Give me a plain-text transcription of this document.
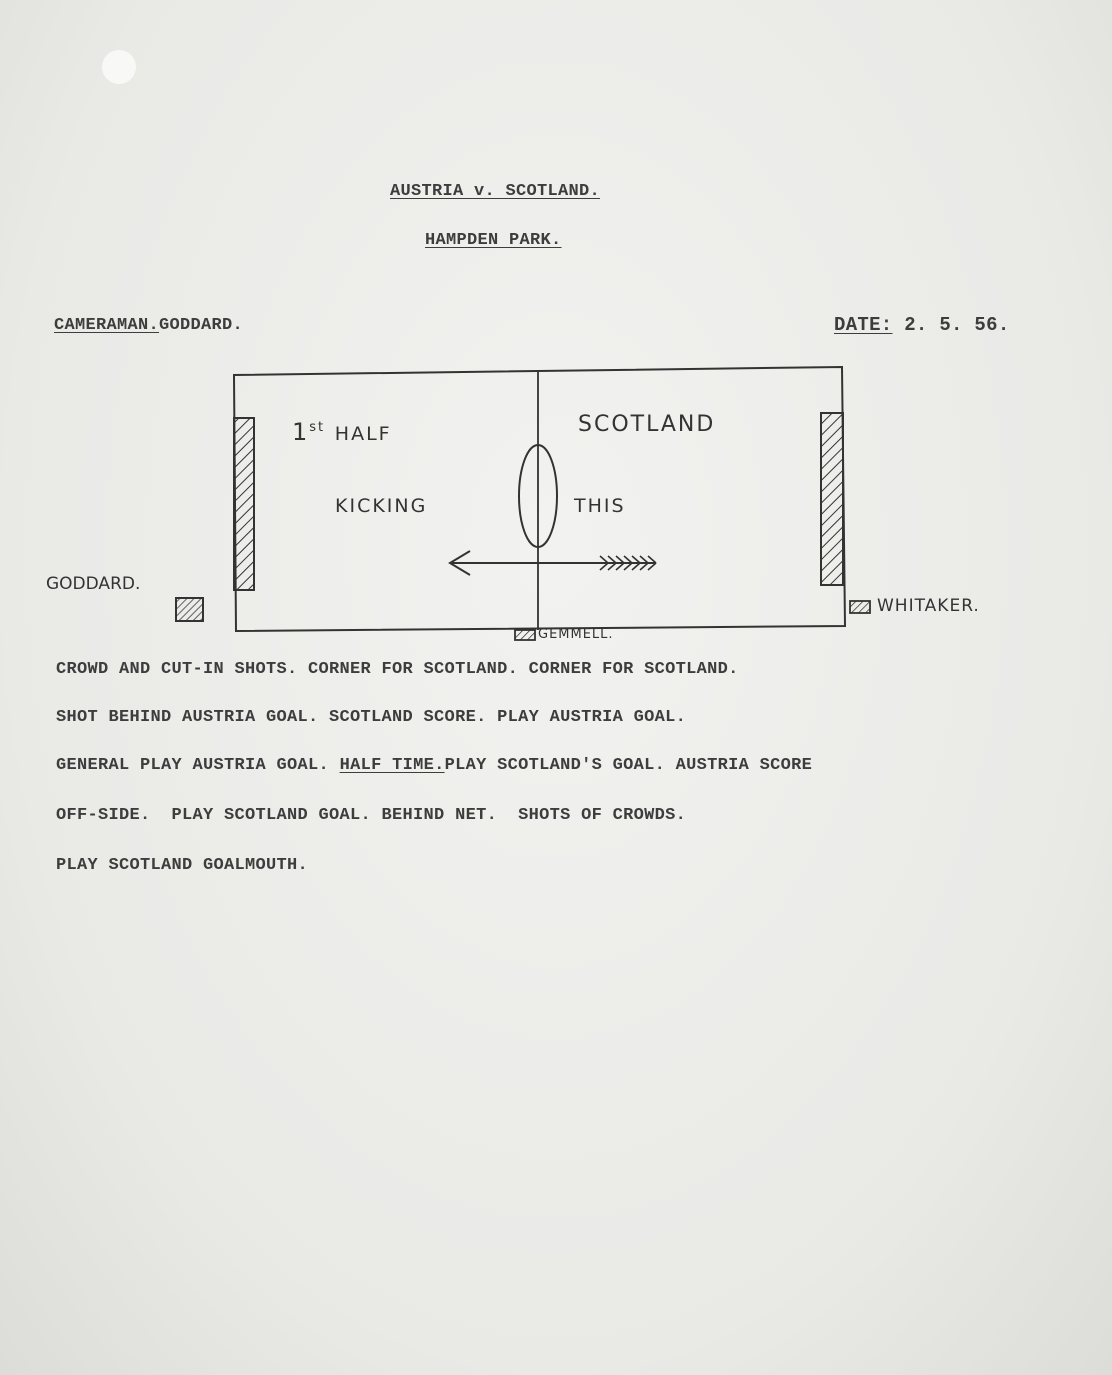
AUSTRIA v. SCOTLAND.
HAMPDEN PARK.
CAMERAMAN.GODDARD.	DATE: 2. 5. 56.
1st HALF	SCOTLAND
KICKING	THIS
GODDARD.
WHITAKER.
GEMMELL.
CROWD AND CUT-IN SHOTS. CORNER FOR SCOTLAND. CORNER FOR SCOTLAND.
SHOT BEHIND AUSTRIA GOAL. SCOTLAND SCORE. PLAY AUSTRIA GOAL.
GENERAL PLAY AUSTRIA GOAL. HALF TIME.PLAY SCOTLAND'S GOAL. AUSTRIA SCORE
OFF-SIDE.  PLAY SCOTLAND GOAL. BEHIND NET.  SHOTS OF CROWDS.
PLAY SCOTLAND GOALMOUTH.
